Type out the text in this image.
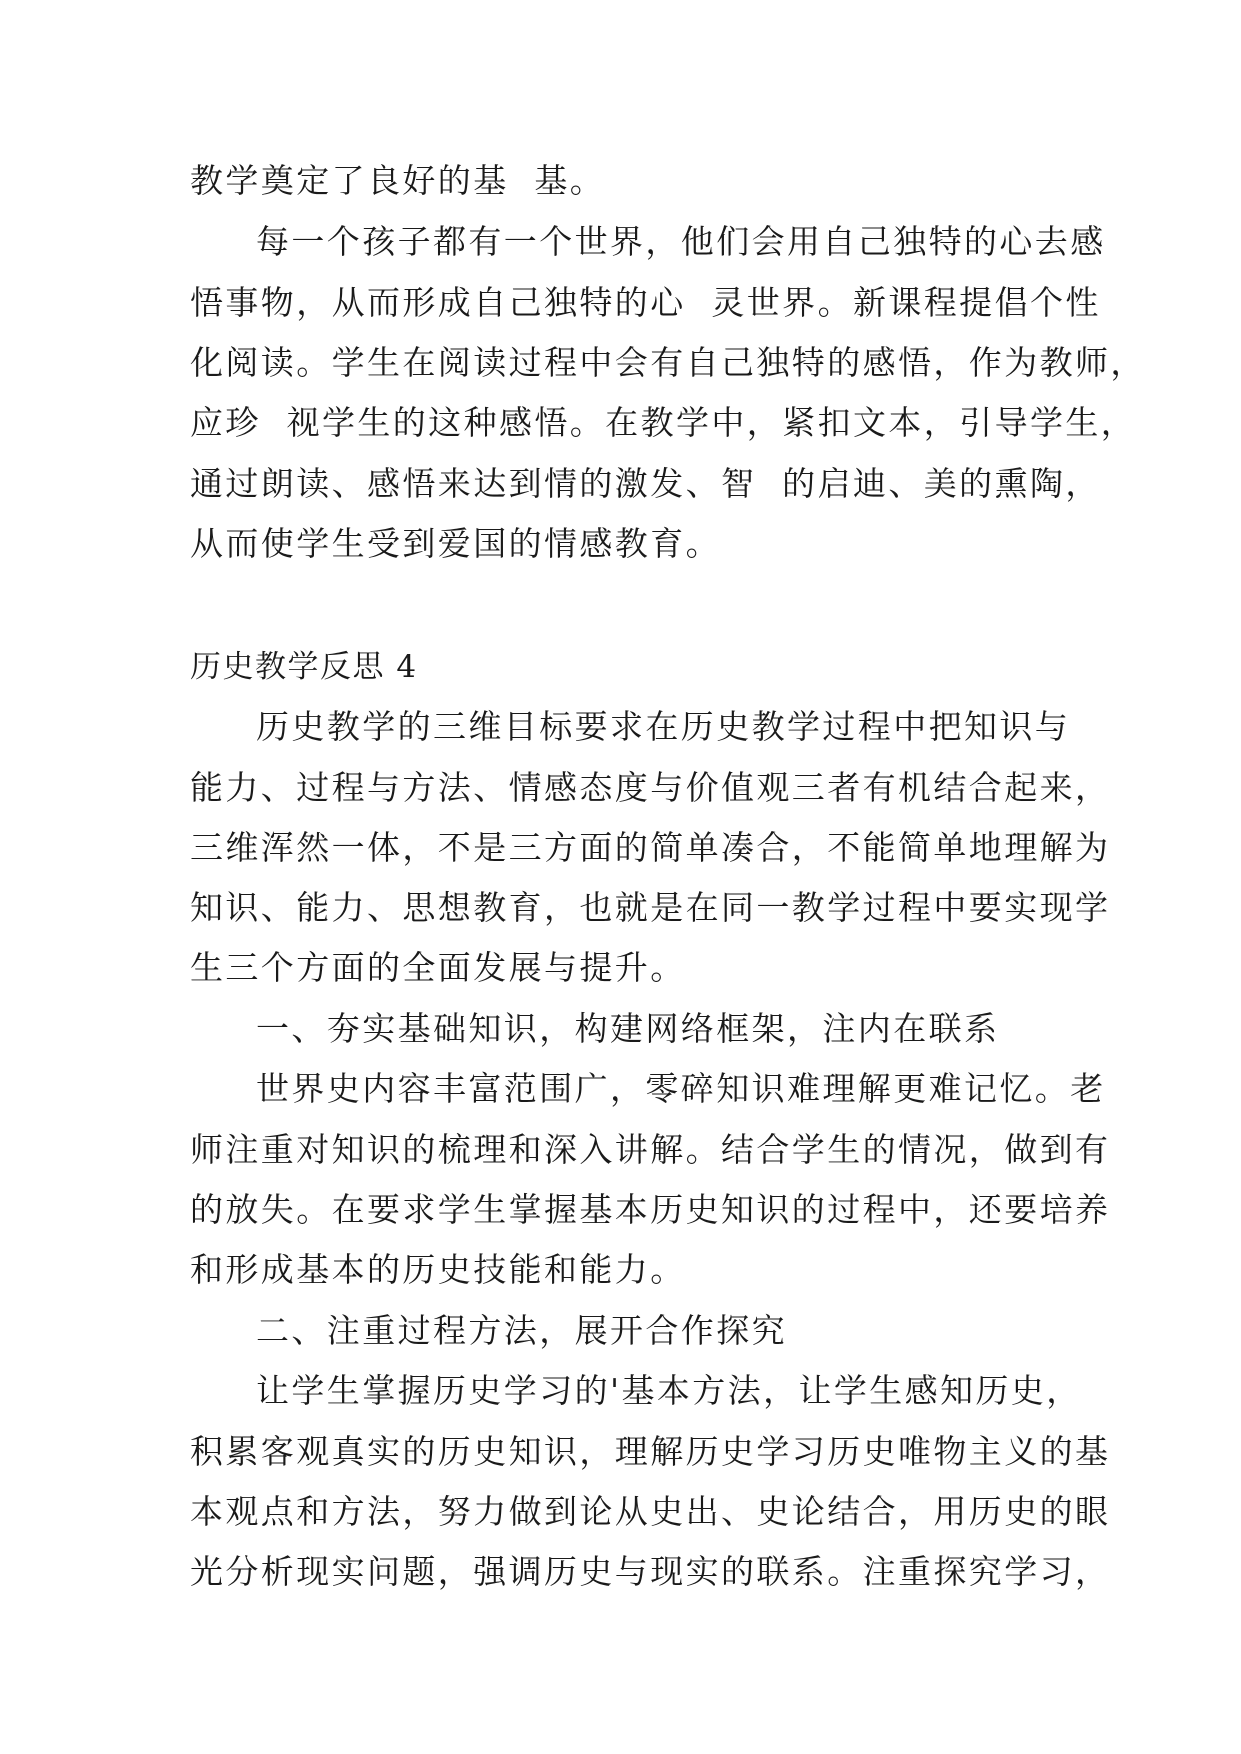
教学奠定了良好的基  基。
每一个孩子都有一个世界，他们会用自己独特的心去感
悟事物，从而形成自己独特的心  灵世界。新课程提倡个性
化阅读。学生在阅读过程中会有自己独特的感悟，作为教师，
应珍  视学生的这种感悟。在教学中，紧扣文本，引导学生，
通过朗读、感悟来达到情的激发、智  的启迪、美的熏陶，
从而使学生受到爱国的情感教育。
历史教学反思 4
历史教学的三维目标要求在历史教学过程中把知识与
能力、过程与方法、情感态度与价值观三者有机结合起来，
三维浑然一体，不是三方面的简单凑合，不能简单地理解为
知识、能力、思想教育，也就是在同一教学过程中要实现学
生三个方面的全面发展与提升。
一、夯实基础知识，构建网络框架，注内在联系
世界史内容丰富范围广，零碎知识难理解更难记忆。老
师注重对知识的梳理和深入讲解。结合学生的情况，做到有
的放失。在要求学生掌握基本历史知识的过程中，还要培养
和形成基本的历史技能和能力。
二、注重过程方法，展开合作探究
让学生掌握历史学习的'基本方法，让学生感知历史，
积累客观真实的历史知识，理解历史学习历史唯物主义的基
本观点和方法，努力做到论从史出、史论结合，用历史的眼
光分析现实问题，强调历史与现实的联系。注重探究学习，
